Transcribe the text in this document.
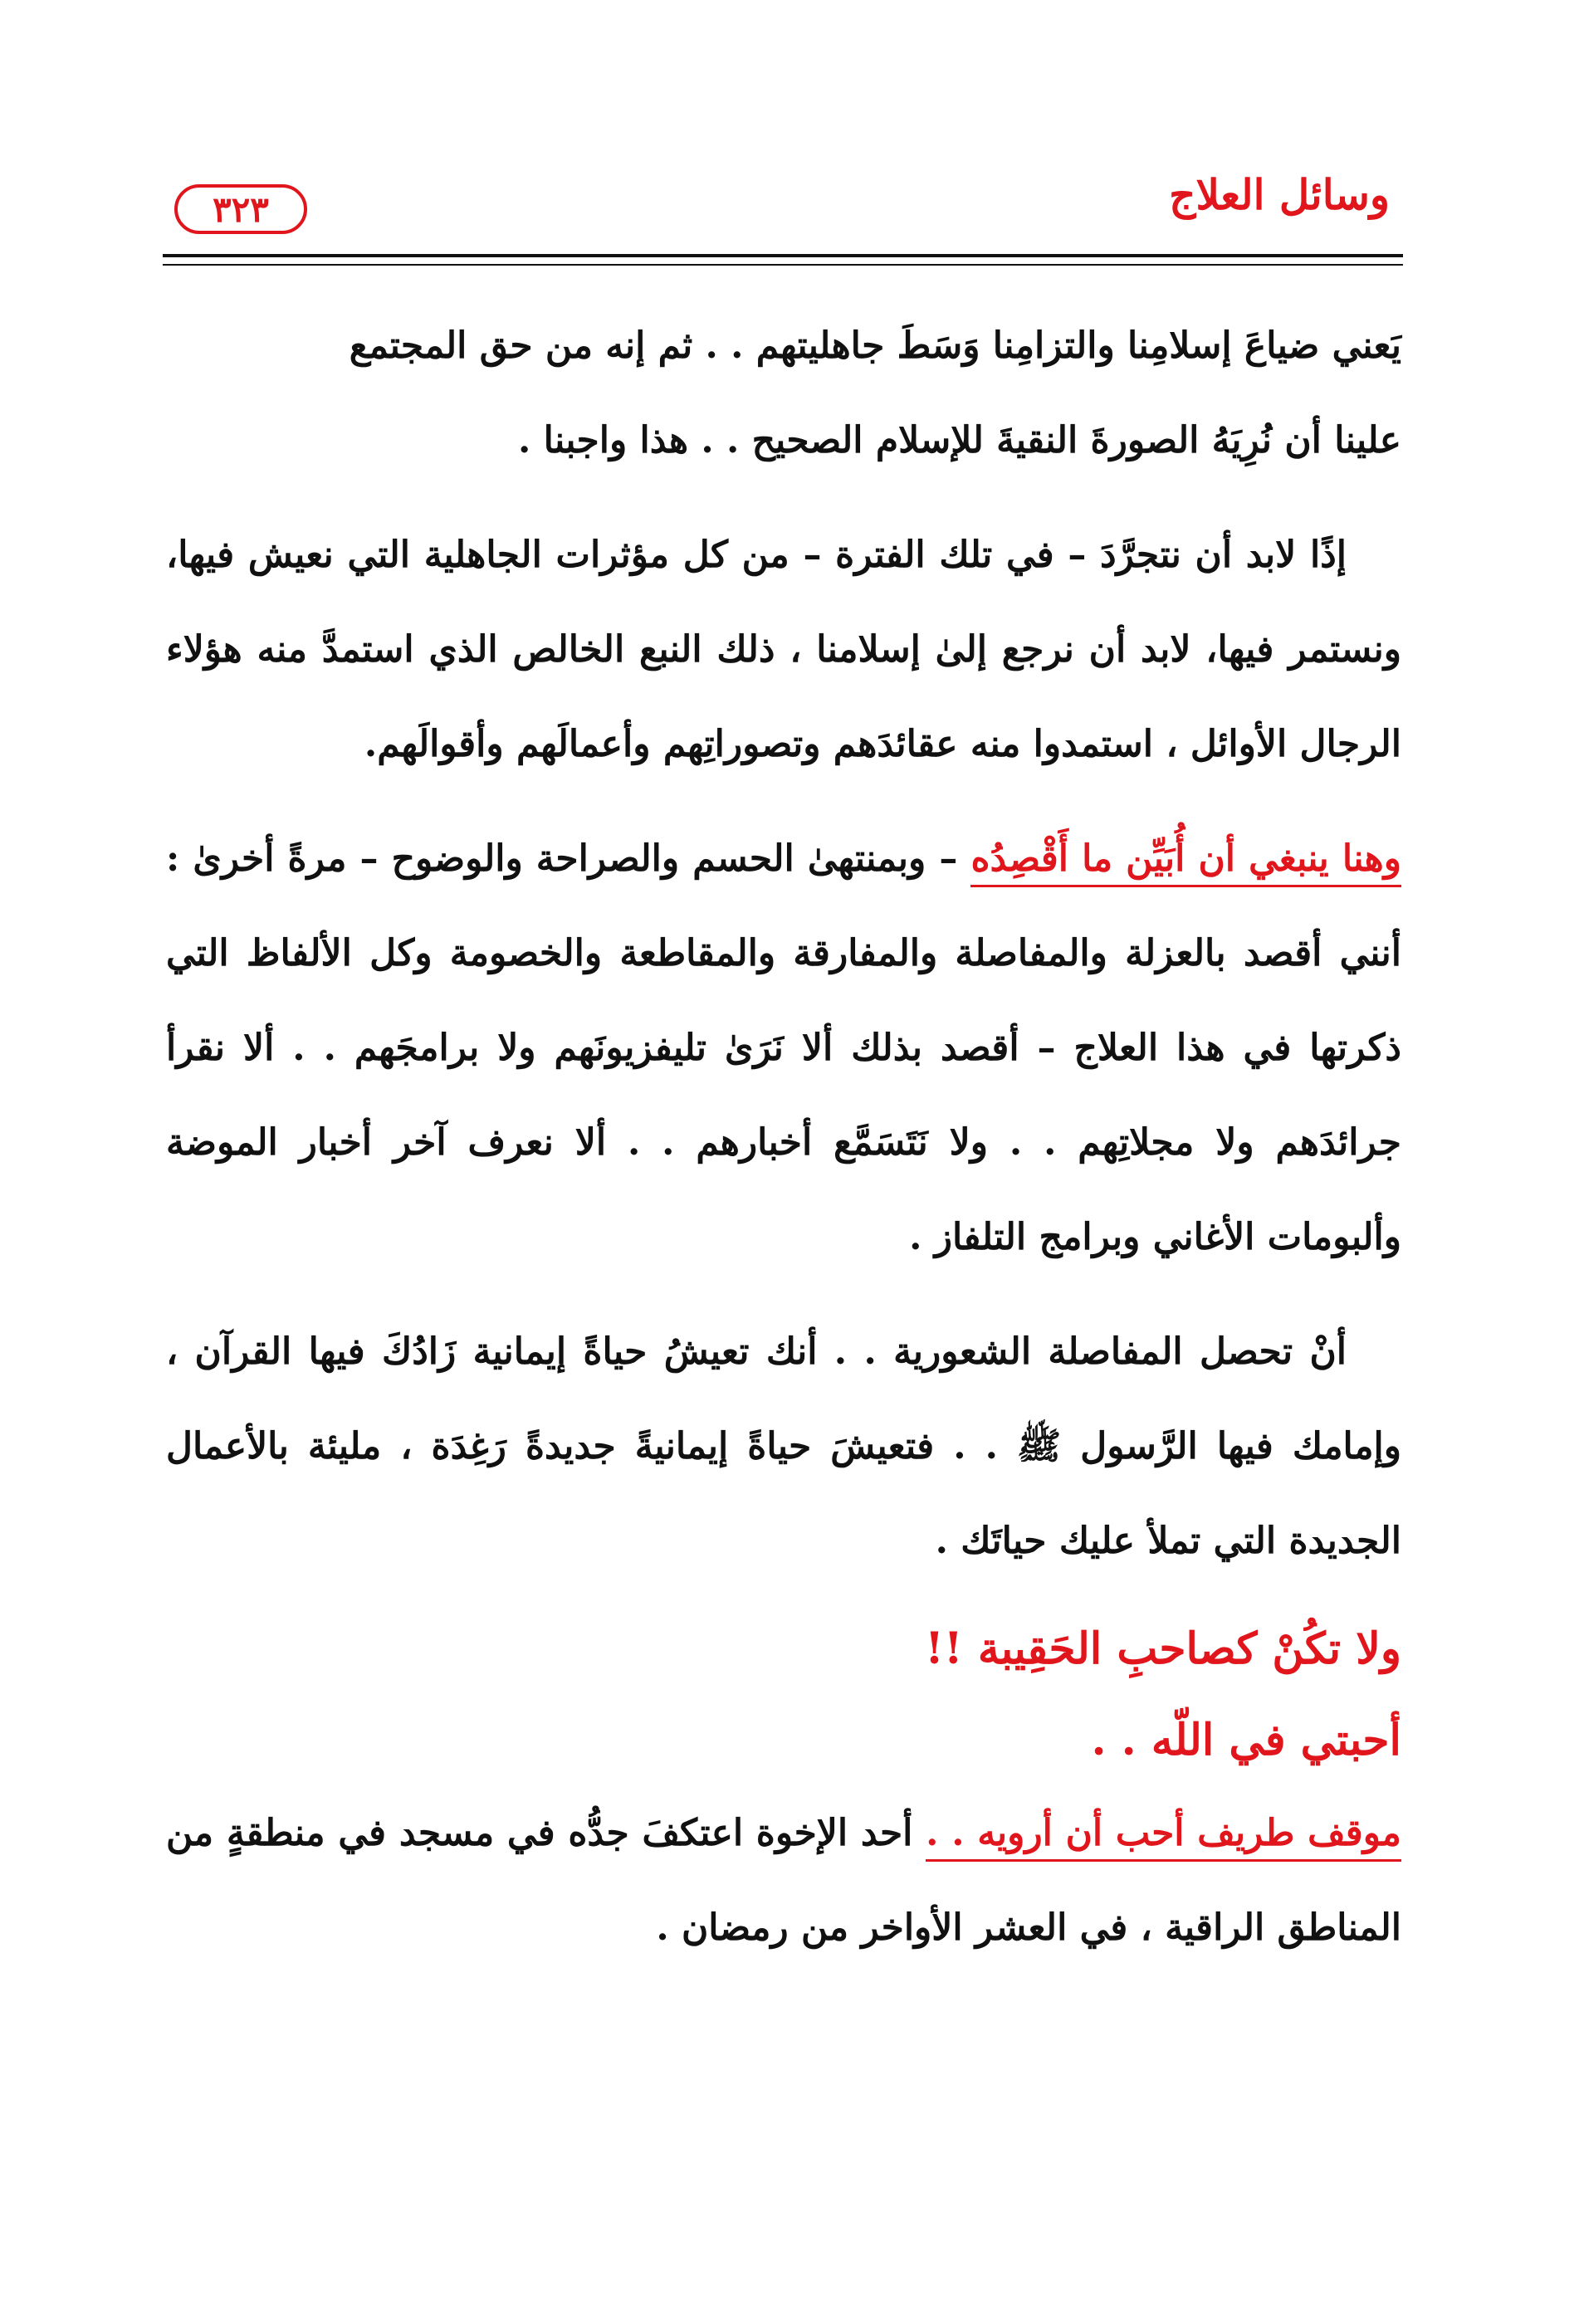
وسائل العلاج
٣٢٣

يَعني ضياعَ إسلامِنا والتزامِنا وَسَطَ جاهليتهم . . ثم إنه من حق المجتمع
علينا أن نُرِيَهُ الصورةَ النقيةَ للإسلام الصحيح . . هذا واجبنا .

إذًا لابد أن نتجرَّدَ – في تلك الفترة – من كل مؤثرات الجاهلية التي نعيش فيها، ونستمر فيها، لابد أن نرجع إلىٰ إسلامنا ، ذلك النبع الخالص الذي استمدَّ منه هؤلاء الرجال الأوائل ، استمدوا منه عقائدَهم وتصوراتِهم وأعمالَهم وأقوالَهم.

وهنا ينبغي أن أُبَيِّن ما أَقْصِدُه – وبمنتهىٰ الحسم والصراحة والوضوح – مرةً أخرىٰ : أنني أقصد بالعزلة والمفاصلة والمفارقة والمقاطعة والخصومة وكل الألفاظ التي ذكرتها في هذا العلاج – أقصد بذلك ألا نَرَىٰ تليفزيونَهم ولا برامجَهم . . ألا نقرأ جرائدَهم ولا مجلاتِهم . . ولا نَتَسَمَّع أخبارهم . . ألا نعرف آخر أخبار الموضة وألبومات الأغاني وبرامج التلفاز .

أنْ تحصل المفاصلة الشعورية . . أنك تعيشُ حياةً إيمانية زَادُكَ فيها القرآن ، وإمامك فيها الرَّسول ﷺ . . فتعيشَ حياةً إيمانيةً جديدةً رَغِدَة ، مليئة بالأعمال الجديدة التي تملأ عليك حياتَك .

ولا تكُنْ كصاحبِ الحَقِيبة !!

أحبتي في اللّه . .

موقف طريف أحب أن أرويه . . أحد الإخوة اعتكفَ جدُّه في مسجد في منطقةٍ من المناطق الراقية ، في العشر الأواخر من رمضان .
